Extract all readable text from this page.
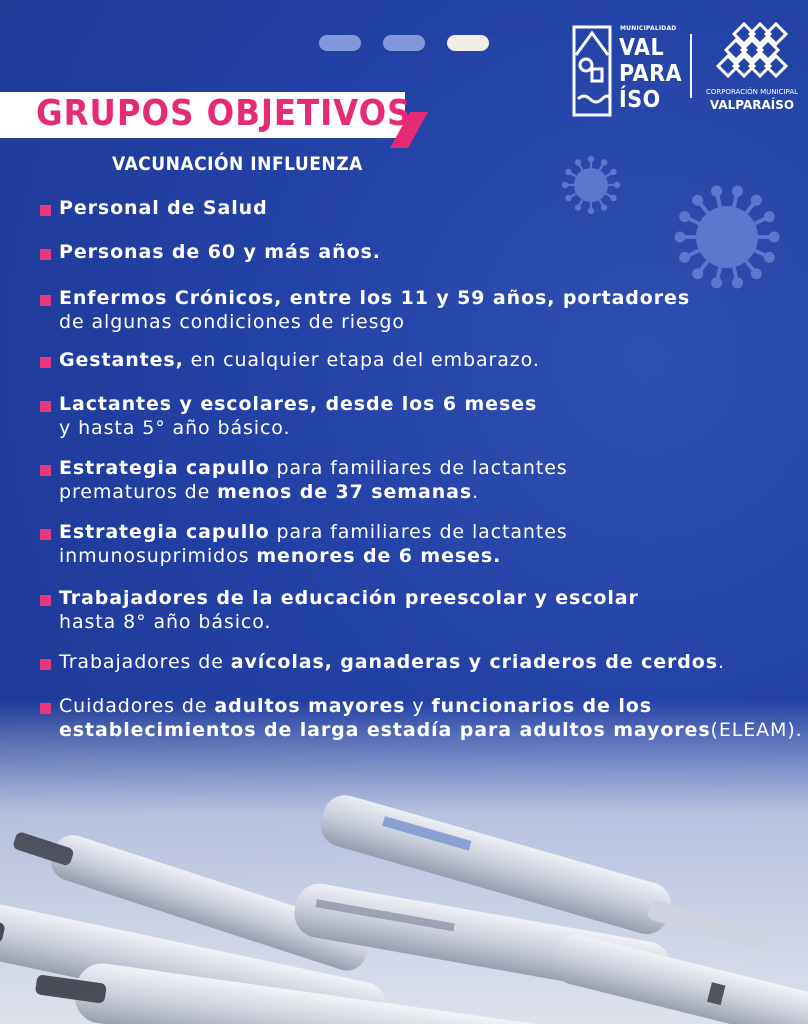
GRUPOS OBJETIVOS
VACUNACIÓN INFLUENZA
MUNICIPALIDAD
VAL
PARA
ÍSO	CORPORACIÓN MUNICIPAL
VALPARAÍSO
Personal de Salud
Personas de 60 y más años.
Enfermos Crónicos, entre los 11 y 59 años, portadores
de algunas condiciones de riesgo
Gestantes, en cualquier etapa del embarazo.
Lactantes y escolares, desde los 6 meses
y hasta 5° año básico.
Estrategia capullo para familiares de lactantes
prematuros de menos de 37 semanas.
Estrategia capullo para familiares de lactantes
inmunosuprimidos menores de 6 meses.
Trabajadores de la educación preescolar y escolar
hasta 8° año básico.
Trabajadores de avícolas, ganaderas y criaderos de cerdos.
Cuidadores de adultos mayores y funcionarios de los
establecimientos de larga estadía para adultos mayores(ELEAM).
